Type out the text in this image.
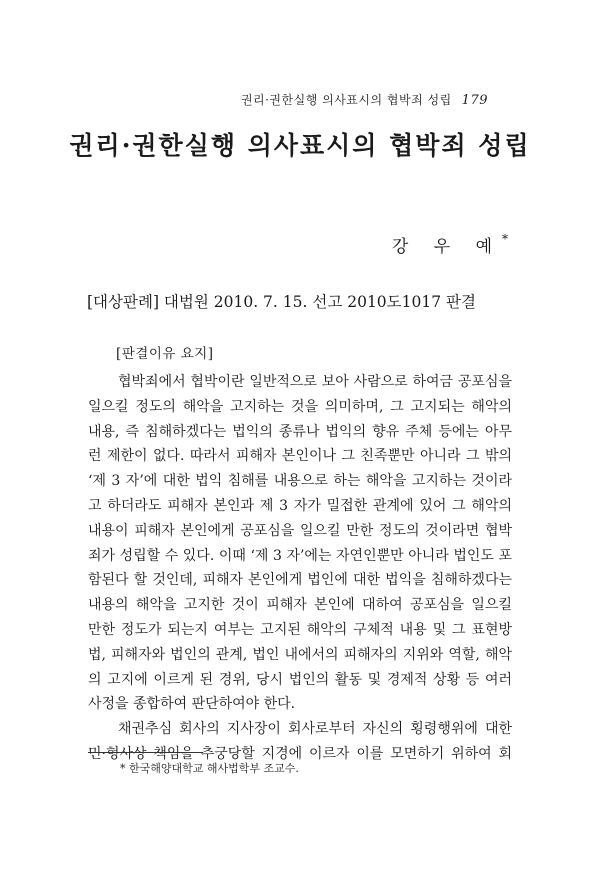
권리·권한실행 의사표시의 협박죄 성립 179
권리·권한실행 의사표시의 협박죄 성립
강 우 예*
[대상판례] 대법원 2010. 7. 15. 선고 2010도1017 판결
[판결이유 요지]
협박죄에서 협박이란 일반적으로 보아 사람으로 하여금 공포심을
일으킬 정도의 해악을 고지하는 것을 의미하며, 그 고지되는 해악의
내용, 즉 침해하겠다는 법익의 종류나 법익의 향유 주체 등에는 아무
런 제한이 없다. 따라서 피해자 본인이나 그 친족뿐만 아니라 그 밖의
‘제 3 자’에 대한 법익 침해를 내용으로 하는 해악을 고지하는 것이라
고 하더라도 피해자 본인과 제 3 자가 밀접한 관계에 있어 그 해악의
내용이 피해자 본인에게 공포심을 일으킬 만한 정도의 것이라면 협박
죄가 성립할 수 있다. 이때 ‘제 3 자’에는 자연인뿐만 아니라 법인도 포
함된다 할 것인데, 피해자 본인에게 법인에 대한 법익을 침해하겠다는
내용의 해악을 고지한 것이 피해자 본인에 대하여 공포심을 일으킬
만한 정도가 되는지 여부는 고지된 해악의 구체적 내용 및 그 표현방
법, 피해자와 법인의 관계, 법인 내에서의 피해자의 지위와 역할, 해악
의 고지에 이르게 된 경위, 당시 법인의 활동 및 경제적 상황 등 여러
사정을 종합하여 판단하여야 한다.
채권추심 회사의 지사장이 회사로부터 자신의 횡령행위에 대한
민·형사상 책임을 추궁당할 지경에 이르자 이를 모면하기 위하여 회
* 한국해양대학교 해사법학부 조교수.
